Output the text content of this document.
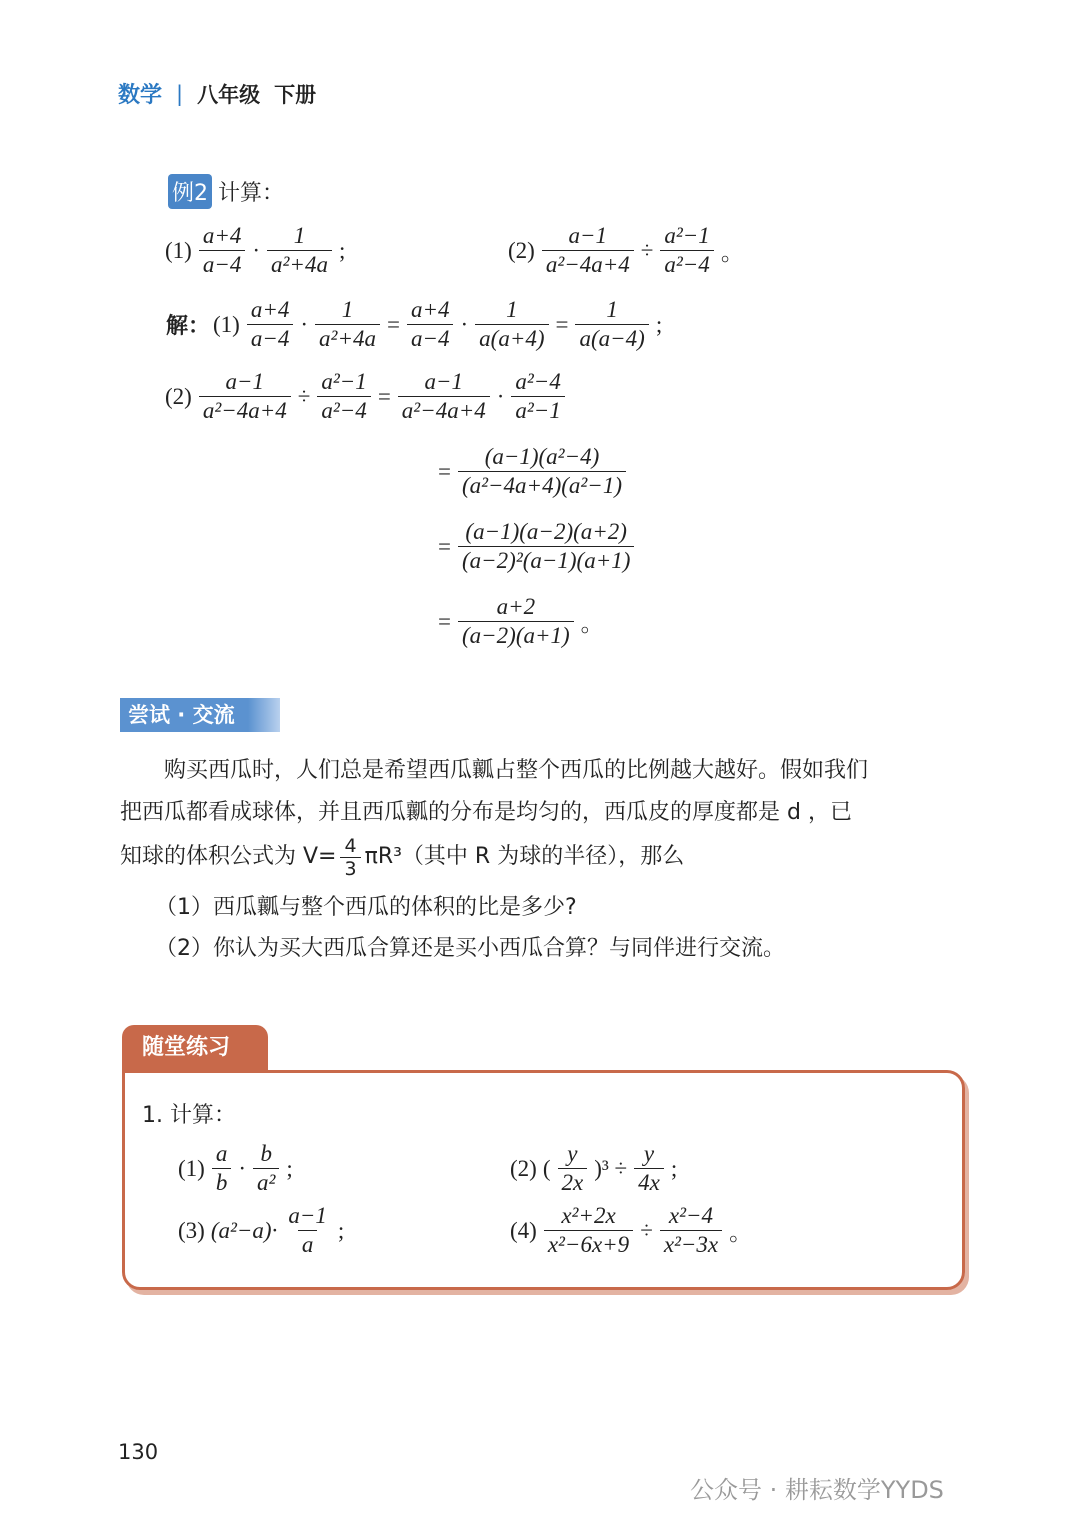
数学 | 八年级 下册
例2 计算：
$(1) \frac{a+4}{a-4} \cdot \frac{1}{\text{a²+4a}}$ ;	$(2) \frac{a-1}{\text{a²−4a+4}} \div \frac{\text{a²−1}}{\text{a²−4}}$ 。
解： $(1) \frac{a+4}{a-4} \cdot \frac{1}{\text{a²+4a}} = \frac{a+4}{a-4} \cdot \frac{1}{a(a+4)} = \frac{1}{a(a-4)}$ ;
$(2) \frac{a-1}{\text{a²−4a+4}} \div \frac{\text{a²−1}}{\text{a²−4}} = \frac{a-1}{\text{a²−4a+4}} \cdot \frac{\text{a²−4}}{\text{a²−1}}$
= $\frac{\text{(a−1)(a²−4)}}{\text{(a²−4a+4)(a²−1)}}$
= $\frac{(a-1)(a-2)(a+2)}{\text{(a−2)²(a−1)(a+1)}}$
= $\frac{a+2}{(a-2)(a+1)}$ 。
尝试 · 交流
购买西瓜时，人们总是希望西瓜瓤占整个西瓜的比例越大越好。假如我们
把西瓜都看成球体，并且西瓜瓤的分布是均匀的，西瓜皮的厚度都是 d ，已
知球的体积公式为 $V= \frac{4}{3} \pi R^3$（其中 R 为球的半径），那么
（1）西瓜瓤与整个西瓜的体积的比是多少?
（2）你认为买大西瓜合算还是买小西瓜合算？与同伴进行交流。
随堂练习
1. 计算：
$(1) \frac{a}{b} \cdot \frac{b}{\text{a²}}$ ;	(2) ( $\frac{y}{2x} )^3 \div \frac{y}{4x}$ ;
(3) $(a^2-a)\cdot \frac{a-1}{a}$ ;	$(4) \frac{\text{x²+2x}}{\text{x²−6x+9}} \div \frac{\text{x²−4}}{\text{x²−3x}}$ 。
130
公众号 · 耕耘数学YYDS
